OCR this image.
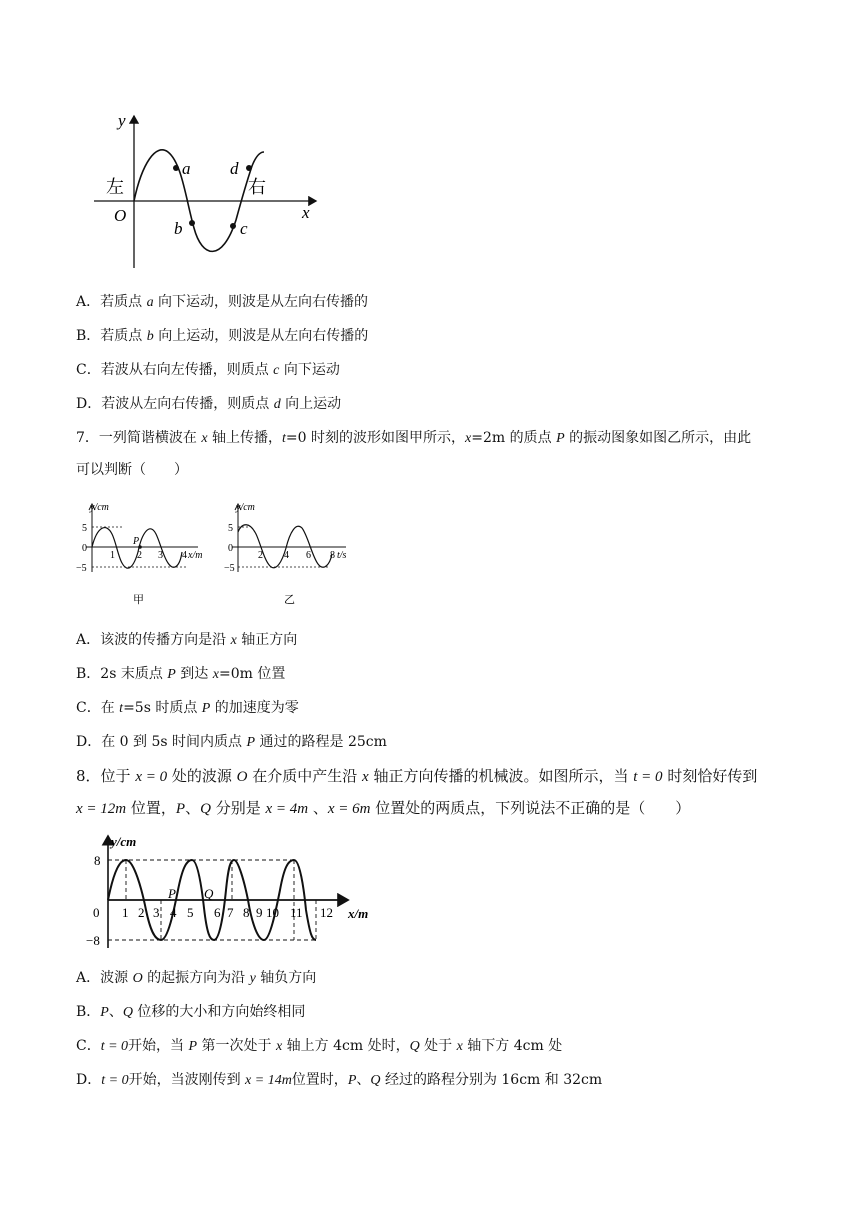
y
x
O
左	右
a
b	c
d
A．若质点 a 向下运动，则波是从左向右传播的
B．若质点 b 向上运动，则波是从左向右传播的
C．若波从右向左传播，则质点 c 向下运动
D．若波从左向右传播，则质点 d 向上运动
7．一列简谐横波在 x 轴上传播，t=0 时刻的波形如图甲所示，x=2m 的质点 P 的振动图象如图乙所示，由此
可以判断（　　）
y/cm
5
0
−5
1 2 3 4 x/m
P
甲
y/cm
5
0
−5
2 4 6 8 t/s
乙
A．该波的传播方向是沿 x 轴正方向
B．2s 末质点 P 到达 x=0m 位置
C．在 t=5s 时质点 P 的加速度为零
D．在 0 到 5s 时间内质点 P 通过的路程是 25cm
8．位于 x = 0 处的波源 O 在介质中产生沿 x 轴正方向传播的机械波。如图所示，当 t = 0 时刻恰好传到
x = 12m 位置，P、Q 分别是 x = 4m 、x = 6m 位置处的两质点，下列说法不正确的是（　　）
y/cm
8
0
−8
P Q
x/m
1 2 3 4 5 6 7 8 9 10 11 12
A．波源 O 的起振方向为沿 y 轴负方向
B．P、Q 位移的大小和方向始终相同
C．t = 0开始，当 P 第一次处于 x 轴上方 4cm 处时，Q 处于 x 轴下方 4cm 处
D．t = 0开始，当波刚传到 x = 14m位置时，P、Q 经过的路程分别为 16cm 和 32cm
